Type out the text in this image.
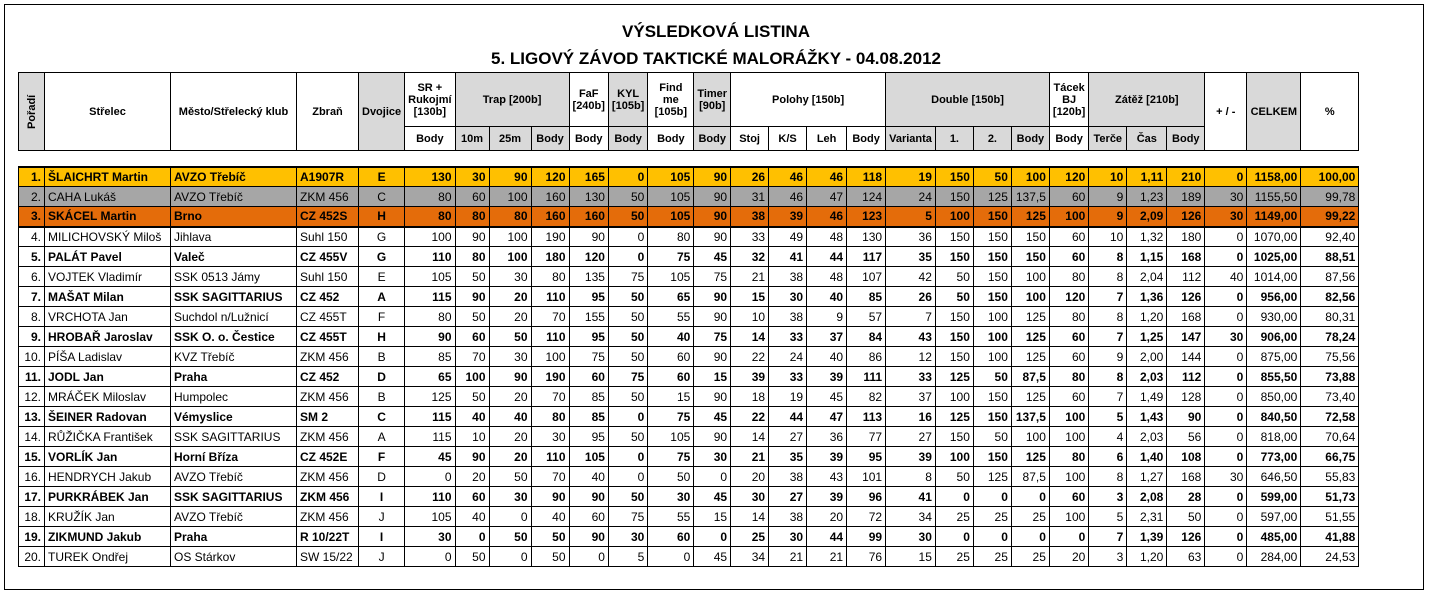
VÝSLEDKOVÁ LISTINA
5. LIGOVÝ ZÁVOD TAKTICKÉ MALORÁŽKY - 04.08.2012
Pořadí	Střelec	Město/Střelecký klub	Zbraň	Dvojice	SR + Rukojmí [130b]	Trap [200b]			FaF [240b]	KYL [105b]	Find me [105b]	Timer [90b]	Polohy [150b]				Double [150b]				Tácek BJ [120b]	Zátěž [210b]			+ / -	CELKEM	%
					Body	10m	25m	Body	Body	Body	Body	Body	Stoj	K/S	Leh	Body	Varianta	1.	2.	Body	Body	Terče	Čas	Body			

1.	ŠLAICHRT Martin	AVZO Třebíč	A1907R	E	130	30	90	120	165	0	105	90	26	46	46	118	19	150	50	100	120	10	1,11	210	0	1158,00	100,00
2.	CAHA Lukáš	AVZO Třebíč	ZKM 456	C	80	60	100	160	130	50	105	90	31	46	47	124	24	150	125	137,5	60	9	1,23	189	30	1155,50	99,78
3.	SKÁCEL Martin	Brno	CZ 452S	H	80	80	80	160	160	50	105	90	38	39	46	123	5	100	150	125	100	9	2,09	126	30	1149,00	99,22
4.	MILICHOVSKÝ Miloš	Jihlava	Suhl 150	G	100	90	100	190	90	0	80	90	33	49	48	130	36	150	150	150	60	10	1,32	180	0	1070,00	92,40
5.	PALÁT Pavel	Valeč	CZ 455V	G	110	80	100	180	120	0	75	45	32	41	44	117	35	150	150	150	60	8	1,15	168	0	1025,00	88,51
6.	VOJTEK Vladimír	SSK 0513 Jámy	Suhl 150	E	105	50	30	80	135	75	105	75	21	38	48	107	42	50	150	100	80	8	2,04	112	40	1014,00	87,56
7.	MAŠAT Milan	SSK SAGITTARIUS	CZ 452	A	115	90	20	110	95	50	65	90	15	30	40	85	26	50	150	100	120	7	1,36	126	0	956,00	82,56
8.	VRCHOTA Jan	Suchdol n/Lužnicí	CZ 455T	F	80	50	20	70	155	50	55	90	10	38	9	57	7	150	100	125	80	8	1,20	168	0	930,00	80,31
9.	HROBAŘ Jaroslav	SSK O. o. Čestice	CZ 455T	H	90	60	50	110	95	50	40	75	14	33	37	84	43	150	100	125	60	7	1,25	147	30	906,00	78,24
10.	PÍŠA Ladislav	KVZ Třebíč	ZKM 456	B	85	70	30	100	75	50	60	90	22	24	40	86	12	150	100	125	60	9	2,00	144	0	875,00	75,56
11.	JODL Jan	Praha	CZ 452	D	65	100	90	190	60	75	60	15	39	33	39	111	33	125	50	87,5	80	8	2,03	112	0	855,50	73,88
12.	MRÁČEK Miloslav	Humpolec	ZKM 456	B	125	50	20	70	85	50	15	90	18	19	45	82	37	100	150	125	60	7	1,49	128	0	850,00	73,40
13.	ŠEINER Radovan	Vémyslice	SM 2	C	115	40	40	80	85	0	75	45	22	44	47	113	16	125	150	137,5	100	5	1,43	90	0	840,50	72,58
14.	RŮŽIČKA František	SSK SAGITTARIUS	ZKM 456	A	115	10	20	30	95	50	105	90	14	27	36	77	27	150	50	100	100	4	2,03	56	0	818,00	70,64
15.	VORLÍK Jan	Horní Bříza	CZ 452E	F	45	90	20	110	105	0	75	30	21	35	39	95	39	100	150	125	80	6	1,40	108	0	773,00	66,75
16.	HENDRYCH Jakub	AVZO Třebíč	ZKM 456	D	0	20	50	70	40	0	50	0	20	38	43	101	8	50	125	87,5	100	8	1,27	168	30	646,50	55,83
17.	PURKRÁBEK Jan	SSK SAGITTARIUS	ZKM 456	I	110	60	30	90	90	50	30	45	30	27	39	96	41	0	0	0	60	3	2,08	28	0	599,00	51,73
18.	KRUŽÍK Jan	AVZO Třebíč	ZKM 456	J	105	40	0	40	60	75	55	15	14	38	20	72	34	25	25	25	100	5	2,31	50	0	597,00	51,55
19.	ZIKMUND Jakub	Praha	R 10/22T	I	30	0	50	50	90	30	60	0	25	30	44	99	30	0	0	0	0	7	1,39	126	0	485,00	41,88
20.	TUREK Ondřej	OS Stárkov	SW 15/22	J	0	50	0	50	0	5	0	45	34	21	21	76	15	25	25	25	20	3	1,20	63	0	284,00	24,53
